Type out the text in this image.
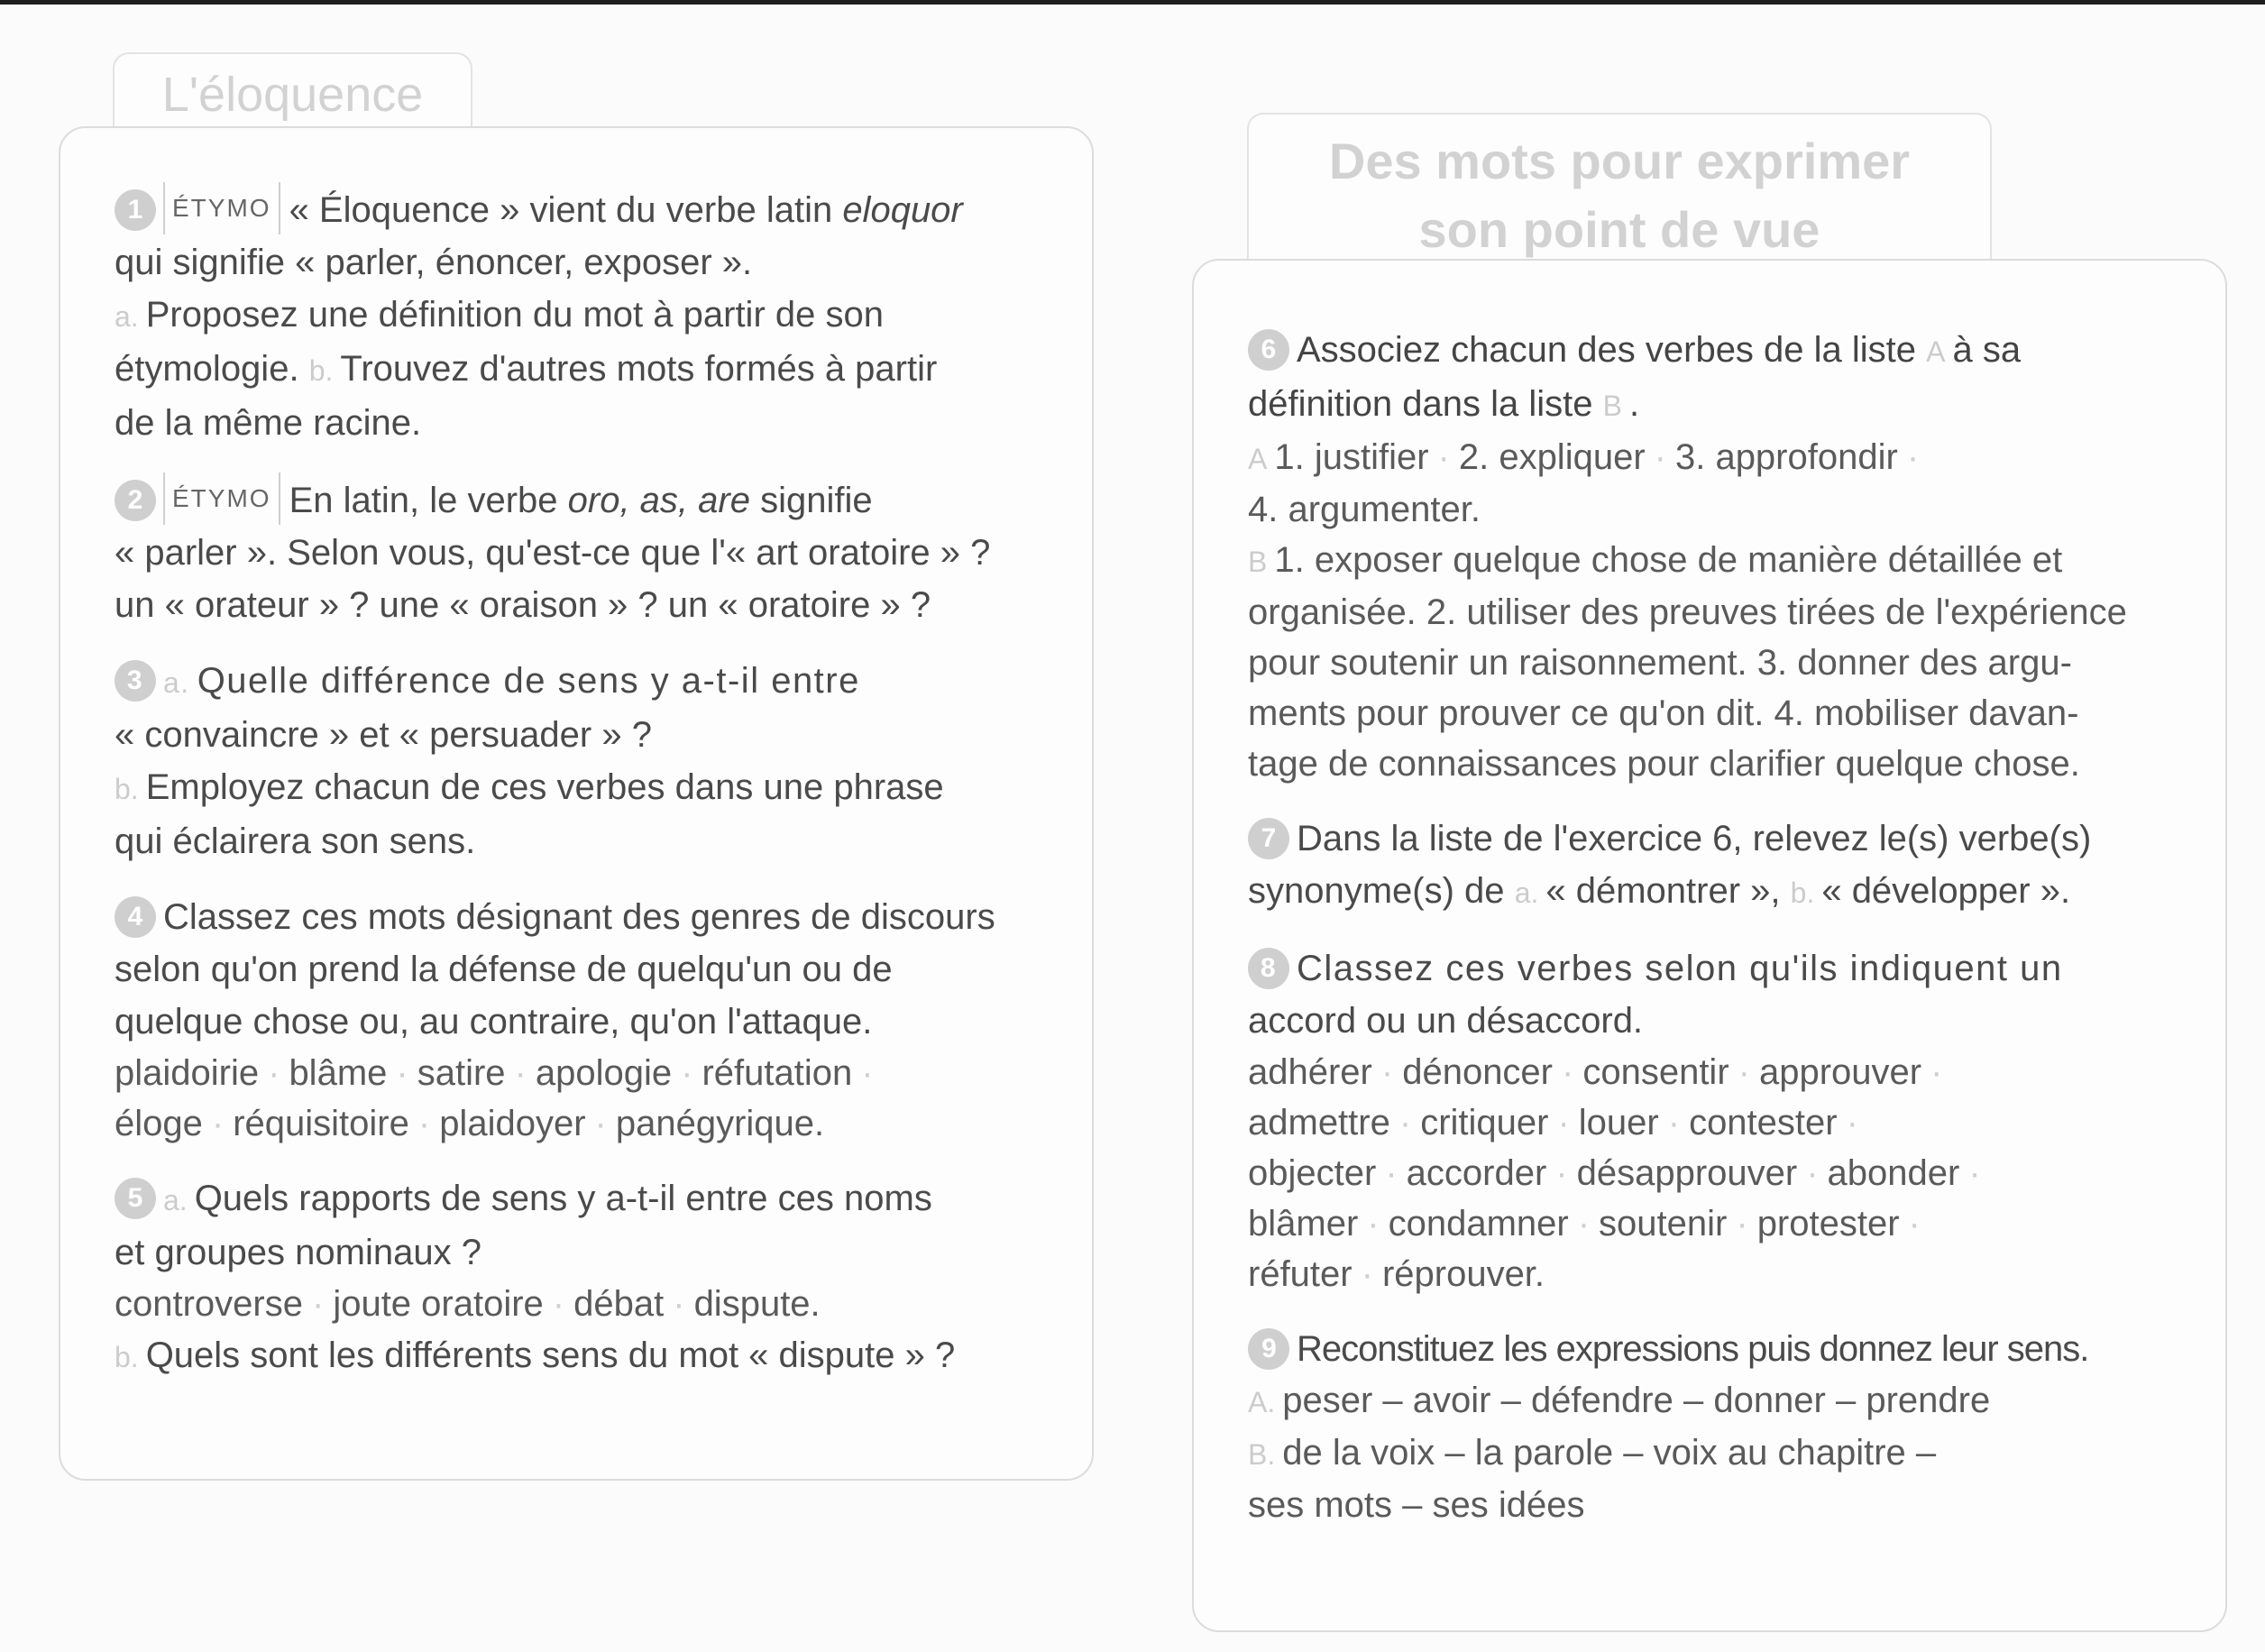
L'éloquence
1 ÉTYMO « Éloquence » vient du verbe latin eloquor
qui signifie « parler, énoncer, exposer ».
a. Proposez une définition du mot à partir de son
étymologie. b. Trouvez d'autres mots formés à partir
de la même racine.
2 ÉTYMO En latin, le verbe oro, as, are signifie
« parler ». Selon vous, qu'est-ce que l'« art oratoire » ?
un « orateur » ? une « oraison » ? un « oratoire » ?
3 a. Quelle différence de sens y a-t-il entre
« convaincre » et « persuader » ?
b. Employez chacun de ces verbes dans une phrase
qui éclairera son sens.
4 Classez ces mots désignant des genres de discours
selon qu'on prend la défense de quelqu'un ou de
quelque chose ou, au contraire, qu'on l'attaque.
plaidoirie · blâme · satire · apologie · réfutation ·
éloge · réquisitoire · plaidoyer · panégyrique.
5 a. Quels rapports de sens y a-t-il entre ces noms
et groupes nominaux ?
controverse · joute oratoire · débat · dispute.
b. Quels sont les différents sens du mot « dispute » ?
Des mots pour exprimer
son point de vue
6 Associez chacun des verbes de la liste A à sa
définition dans la liste B .
A 1. justifier · 2. expliquer · 3. approfondir ·
4. argumenter.
B 1. exposer quelque chose de manière détaillée et
organisée. 2. utiliser des preuves tirées de l'expérience
pour soutenir un raisonnement. 3. donner des argu-
ments pour prouver ce qu'on dit. 4. mobiliser davan-
tage de connaissances pour clarifier quelque chose.
7 Dans la liste de l'exercice 6, relevez le(s) verbe(s)
synonyme(s) de a. « démontrer », b. « développer ».
8 Classez ces verbes selon qu'ils indiquent un
accord ou un désaccord.
adhérer · dénoncer · consentir · approuver ·
admettre · critiquer · louer · contester ·
objecter · accorder · désapprouver · abonder ·
blâmer · condamner · soutenir · protester ·
réfuter · réprouver.
9 Reconstituez les expressions puis donnez leur sens.
A. peser – avoir – défendre – donner – prendre
B. de la voix – la parole – voix au chapitre –
ses mots – ses idées
